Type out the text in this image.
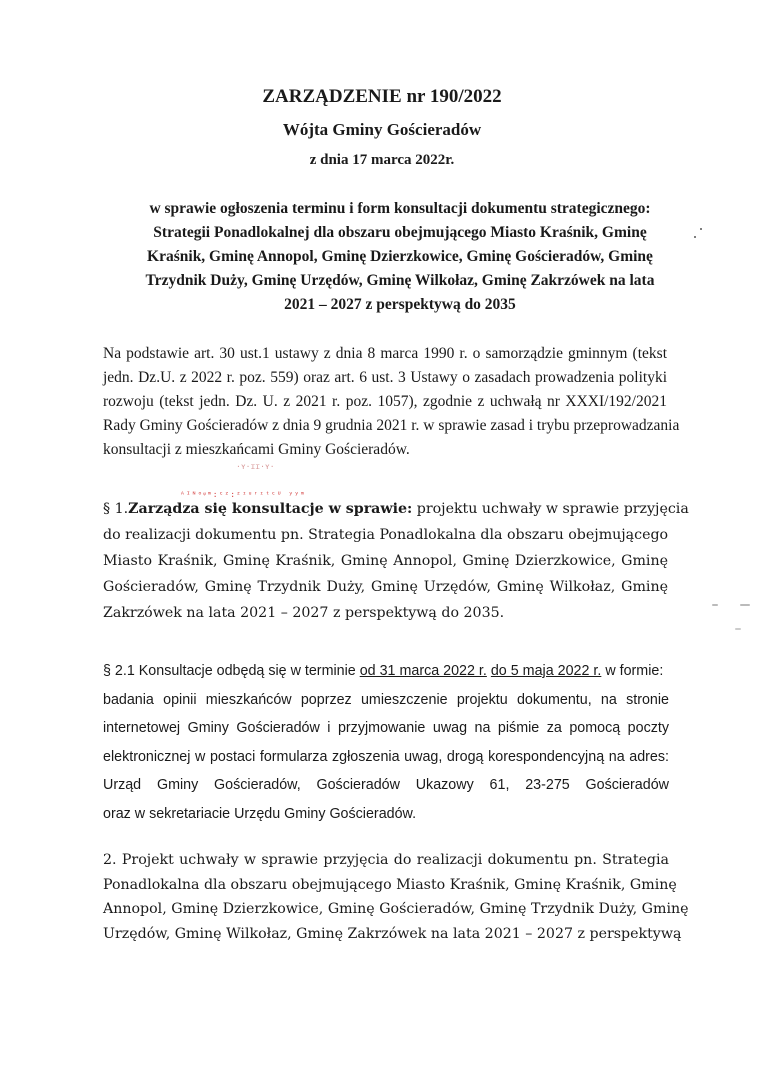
ZARZĄDZENIE nr 190/2022
Wójta Gminy Gościeradów
z dnia 17 marca 2022r.
w sprawie ogłoszenia terminu i form konsultacji dokumentu strategicznego:
Strategii Ponadlokalnej dla obszaru obejmującego Miasto Kraśnik, Gminę
Kraśnik, Gminę Annopol, Gminę Dzierzkowice, Gminę Gościeradów, Gminę
Trzydnik Duży, Gminę Urzędów, Gminę Wilkołaz, Gminę Zakrzówek na lata
2021 – 2027 z perspektywą do 2035
Na podstawie art. 30 ust.1 ustawy z dnia 8 marca 1990 r. o samorządzie gminnym (tekst
jedn. Dz.U. z 2022 r. poz. 559) oraz art. 6 ust. 3 Ustawy o zasadach prowadzenia polityki
rozwoju (tekst jedn. Dz. U. z 2021 r. poz. 1057), zgodnie z uchwałą nr XXXI/192/2021
Rady Gminy Gościeradów z dnia 9 grudnia 2021 r. w sprawie zasad i trybu przeprowadzania
konsultacji z mieszkańcami Gminy Gościeradów.
·ʏ·ɪɪ·ʏ·
ᴬᴵᴺᵒᵠᵐ:ᶜᶻ:ᶻᶦᵘʳᶦᵗᶜᵁ ʸʸᵐ
§ 1.Zarządza się konsultacje w sprawie: projektu uchwały w sprawie przyjęcia
do realizacji dokumentu pn. Strategia Ponadlokalna dla obszaru obejmującego
Miasto Kraśnik, Gminę Kraśnik, Gminę Annopol, Gminę Dzierzkowice, Gminę
Gościeradów, Gminę Trzydnik Duży, Gminę Urzędów, Gminę Wilkołaz, Gminę
Zakrzówek na lata 2021 – 2027 z perspektywą do 2035.
§ 2.1 Konsultacje odbędą się w terminie od 31 marca 2022 r. do 5 maja 2022 r. w formie:
badania opinii mieszkańców poprzez umieszczenie projektu dokumentu, na stronie
internetowej Gminy Gościeradów i przyjmowanie uwag na piśmie za pomocą poczty
elektronicznej w postaci formularza zgłoszenia uwag, drogą korespondencyjną na adres:
Urząd Gminy Gościeradów, Gościeradów Ukazowy 61, 23-275 Gościeradów
oraz w sekretariacie Urzędu Gminy Gościeradów.
2. Projekt uchwały w sprawie przyjęcia do realizacji dokumentu pn. Strategia
Ponadlokalna dla obszaru obejmującego Miasto Kraśnik, Gminę Kraśnik, Gminę
Annopol, Gminę Dzierzkowice, Gminę Gościeradów, Gminę Trzydnik Duży, Gminę
Urzędów, Gminę Wilkołaz, Gminę Zakrzówek na lata 2021 – 2027 z perspektywą
